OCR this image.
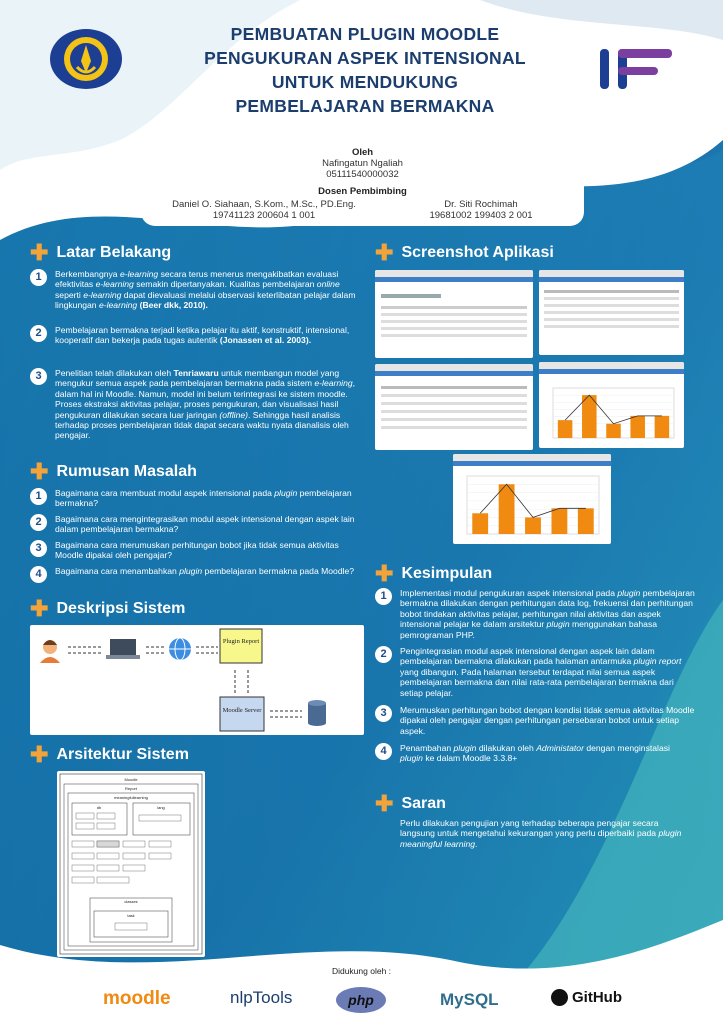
PEMBUATAN PLUGIN MOODLE
PENGUKURAN ASPEK INTENSIONAL
UNTUK MENDUKUNG
PEMBELAJARAN BERMAKNA
Oleh
Nafingatun Ngaliah
05111540000032
Dosen Pembimbing
Daniel O. Siahaan, S.Kom., M.Sc., PD.Eng.
19741123 200604 1 001
Dr. Siti Rochimah
19681002 199403 2 001
✚ Latar Belakang
1	Berkembangnya e-learning secara terus menerus mengakibatkan evaluasi efektivitas e-learning semakin dipertanyakan. Kualitas pembelajaran online seperti e-learning dapat dievaluasi melalui observasi keterlibatan pelajar dalam lingkungan e-learning (Beer dkk, 2010).
2	Pembelajaran bermakna terjadi ketika pelajar itu aktif, konstruktif, intensional, kooperatif dan bekerja pada tugas autentik (Jonassen et al. 2003).
3	Penelitian telah dilakukan oleh Tenriawaru untuk membangun model yang mengukur semua aspek pada pembelajaran bermakna pada sistem e-learning, dalam hal ini Moodle. Namun, model ini belum terintegrasi ke sistem moodle. Proses ekstraksi aktivitas pelajar, proses pengukuran, dan visualisasi hasil pengukuran dilakukan secara luar jaringan (offline). Sehingga hasil analisis terhadap proses pembelajaran tidak dapat secara waktu nyata dianalisis oleh pengajar.
✚ Rumusan Masalah
1	Bagaimana cara membuat modul aspek intensional pada plugin pembelajaran bermakna?
2	Bagaimana cara mengintegrasikan modul aspek intensional dengan aspek lain dalam pembelajaran bermakna?
3	Bagaimana cara merumuskan perhitungan bobot jika tidak semua aktivitas Moodle dipakai oleh pengajar?
4	Bagaimana cara menambahkan plugin pembelajaran bermakna pada Moodle?
✚ Deskripsi Sistem
Plugin Report
Moodle Server
✚ Arsitektur Sistem
Moodle
Report
meaningfullearning
db	lang
classes
task
✚ Screenshot Aplikasi
✚ Kesimpulan
1	Implementasi modul pengukuran aspek intensional pada plugin pembelajaran bermakna dilakukan dengan perhitungan data log, frekuensi dan perhitungan bobot tindakan aktivitas pelajar, perhitungan nilai aktivitas dan aspek intensional pelajar ke dalam arsitektur plugin menggunakan bahasa pemrograman PHP.
2	Pengintegrasian modul aspek intensional dengan aspek lain dalam pembelajaran bermakna dilakukan pada halaman antarmuka plugin report yang dibangun. Pada halaman tersebut terdapat nilai semua aspek pembelajaran bermakna dan nilai rata-rata pembelajaran bermakna dari setiap pelajar.
3	Merumuskan perhitungan bobot dengan kondisi tidak semua aktivitas Moodle dipakai oleh pengajar dengan perhitungan persebaran bobot untuk setiap aspek.
4	Penambahan plugin dilakukan oleh Administator dengan menginstalasi plugin ke dalam Moodle 3.3.8+
✚ Saran
Perlu dilakukan pengujian yang terhadap beberapa pengajar secara langsung untuk mengetahui kekurangan yang perlu diperbaiki pada plugin meaningful learning.
Didukung oleh :
moodle	nlpTools	php	MySQL	GitHub
